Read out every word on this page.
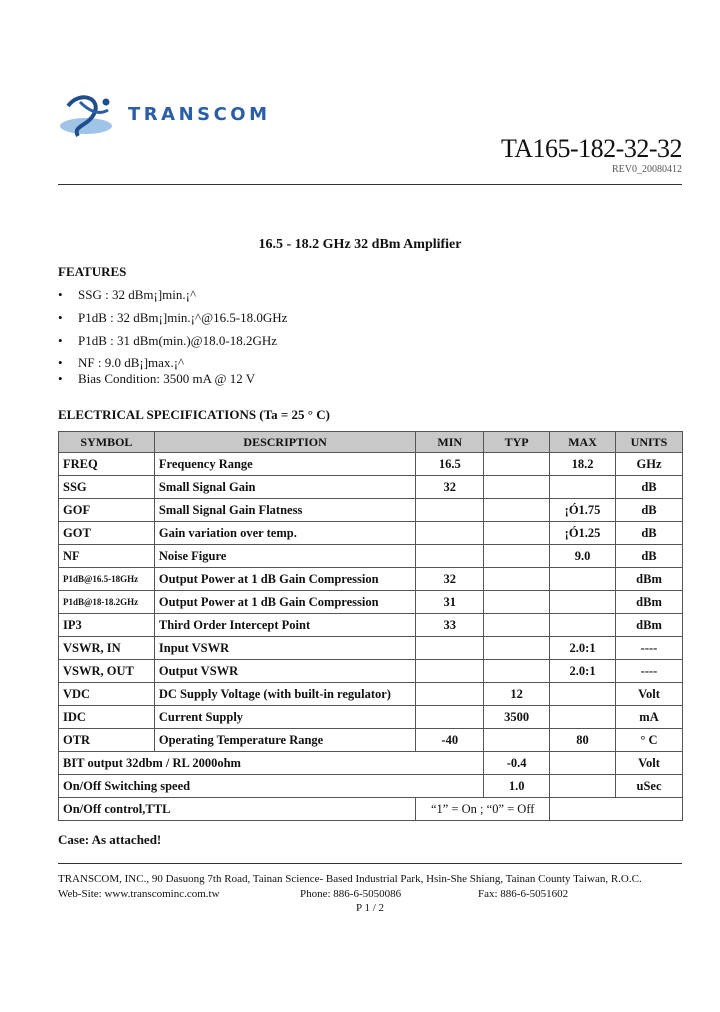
TRANSCOM
TA165-182-32-32
REV0_20080412
16.5 - 18.2 GHz 32 dBm Amplifier
FEATURES
• SSG : 32 dBm¡]min.¡^
• P1dB : 32 dBm¡]min.¡^@16.5-18.0GHz
• P1dB : 31 dBm(min.)@18.0-18.2GHz
• NF : 9.0 dB¡]max.¡^
• Bias Condition: 3500 mA @ 12 V
ELECTRICAL SPECIFICATIONS (Ta = 25 ° C)
SYMBOL	DESCRIPTION	MIN	TYP	MAX	UNITS
FREQ	Frequency Range	16.5		18.2	GHz
SSG	Small Signal Gain	32			dB
GOF	Small Signal Gain Flatness			¡Ó1.75	dB
GOT	Gain variation over temp.			¡Ó1.25	dB
NF	Noise Figure			9.0	dB
P1dB@16.5-18GHz	Output Power at 1 dB Gain Compression	32			dBm
P1dB@18-18.2GHz	Output Power at 1 dB Gain Compression	31			dBm
IP3	Third Order Intercept Point	33			dBm
VSWR, IN	Input VSWR			2.0:1	----
VSWR, OUT	Output VSWR			2.0:1	----
VDC	DC Supply Voltage (with built-in regulator)		12		Volt
IDC	Current Supply		3500		mA
OTR	Operating Temperature Range	-40		80	° C
BIT output 32dbm / RL 2000ohm			-0.4		Volt
On/Off Switching speed			1.0		uSec
On/Off control,TTL		“1” = On ; “0” = Off			
Case: As attached!
TRANSCOM, INC., 90 Dasuong 7th Road, Tainan Science- Based Industrial Park, Hsin-She Shiang, Tainan County Taiwan, R.O.C.
Web-Site: www.transcominc.com.tw	Phone: 886-6-5050086	Fax: 886-6-5051602
P 1 / 2
